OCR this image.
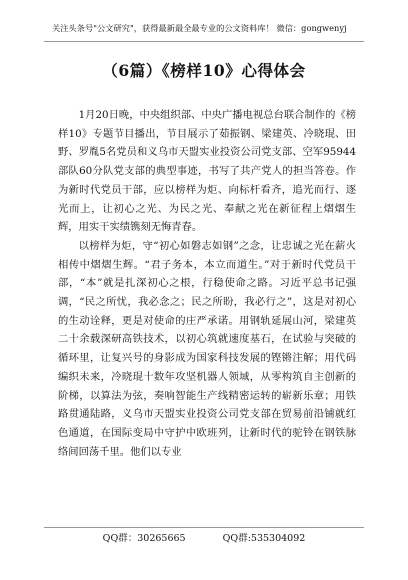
关注头条号"公文研究"，获得最新最全最专业的公文资料库！ 微信：gongwenyj
（6篇）《榜样10》心得体会

1月20日晚，中央组织部、中央广播电视总台联合制作的《榜样10》专题节目播出，节目展示了茹振钢、梁建英、冷晓琨、田野、罗胤5名党员和义乌市天盟实业投资公司党支部、空军95944部队60分队党支部的典型事迹，书写了共产党人的担当答卷。作为新时代党员干部，应以榜样为炬、向标杆看齐，追光而行、逐光而上，让初心之光、为民之光、奉献之光在新征程上熠熠生辉，用实干实绩镌刻无悔青春。

以榜样为炬，守“初心如磐志如钢”之念，让忠诚之光在薪火相传中熠熠生辉。“君子务本，本立而道生。”对于新时代党员干部，“本”就是扎深初心之根，行稳使命之路。习近平总书记强调，“民之所忧，我必念之；民之所盼，我必行之”，这是对初心的生动诠释，更是对使命的庄严承诺。用钢轨延展山河，梁建英二十余载深研高铁技术，以初心筑就速度基石，在试验与突破的循环里，让复兴号的身影成为国家科技发展的铿锵注解；用代码编织未来，冷晓琨十数年攻坚机器人领域，从零构筑自主创新的阶梯，以算法为弦，奏响智能生产线精密运转的崭新乐章；用铁路贯通陆路，义乌市天盟实业投资公司党支部在贸易前沿铺就红色通道，在国际变局中守护中欧班列，让新时代的驼铃在钢铁脉络间回荡千里。他们以专业

QQ群：30265665	QQ群:535304092
